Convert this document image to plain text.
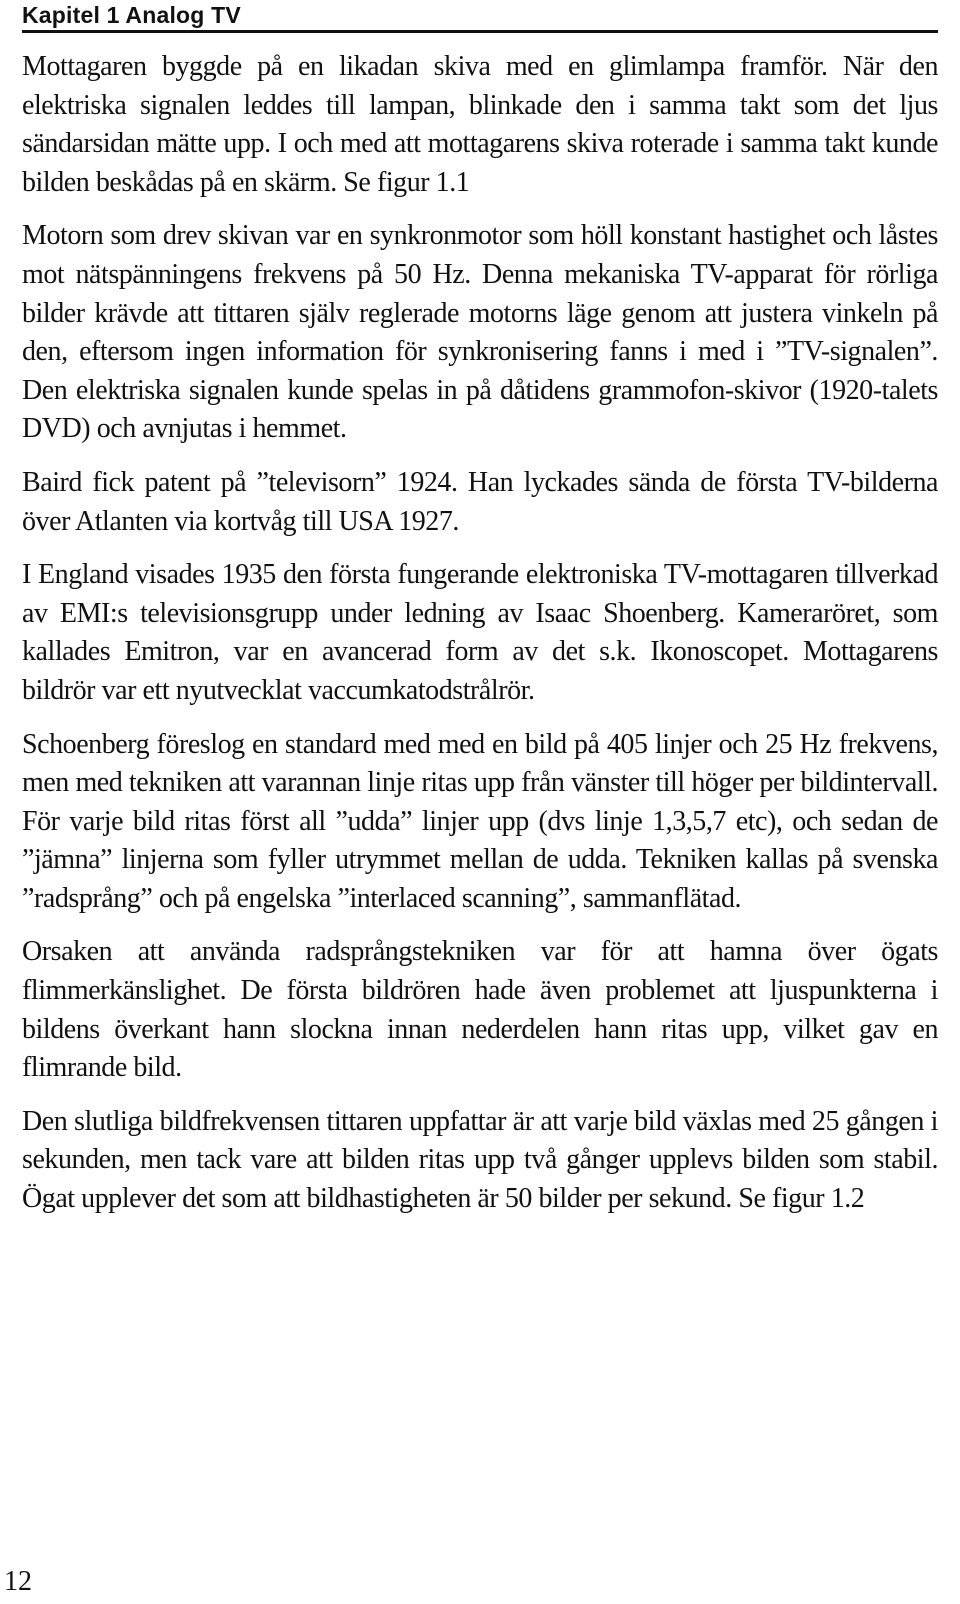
Kapitel 1 Analog TV

Mottagaren byggde på en likadan skiva med en glimlampa framför. När den elektriska signalen leddes till lampan, blinkade den i samma takt som det ljus sändarsidan mätte upp. I och med att mottagarens skiva roterade i samma takt kunde bilden beskådas på en skärm. Se figur 1.1

Motorn som drev skivan var en synkronmotor som höll konstant hastighet och låstes mot nätspänningens frekvens på 50 Hz. Denna mekaniska TV-apparat för rörliga bilder krävde att tittaren själv reglerade motorns läge genom att justera vinkeln på den, eftersom ingen information för synkronisering fanns i med i ”TV-signalen”. Den elektriska signalen kunde spelas in på dåtidens grammofon-skivor (1920-talets DVD) och avnjutas i hemmet.

Baird fick patent på ”televisorn” 1924. Han lyckades sända de första TV-bilderna över Atlanten via kortvåg till USA 1927.

I England visades 1935 den första fungerande elektroniska TV-mottagaren tillverkad av EMI:s televisionsgrupp under ledning av Isaac Shoenberg. Kameraröret, som kallades Emitron, var en avancerad form av det s.k. Ikonoscopet. Mottagarens bildrör var ett nyutvecklat vaccumkatodstrålrör.

Schoenberg föreslog en standard med med en bild på 405 linjer och 25 Hz frekvens, men med tekniken att varannan linje ritas upp från vänster till höger per bildintervall. För varje bild ritas först all ”udda” linjer upp (dvs linje 1,3,5,7 etc), och sedan de ”jämna” linjerna som fyller utrymmet mellan de udda. Tekniken kallas på svenska ”radsprång” och på engelska ”interlaced scanning”, sammanflätad.

Orsaken att använda radsprångstekniken var för att hamna över ögats flimmerkänslighet. De första bildrören hade även problemet att ljuspunkterna i bildens överkant hann slockna innan nederdelen hann ritas upp, vilket gav en flimrande bild.

Den slutliga bildfrekvensen tittaren uppfattar är att varje bild växlas med 25 gången i sekunden, men tack vare att bilden ritas upp två gånger upplevs bilden som stabil. Ögat upplever det som att bildhastigheten är 50 bilder per sekund. Se figur 1.2

12
